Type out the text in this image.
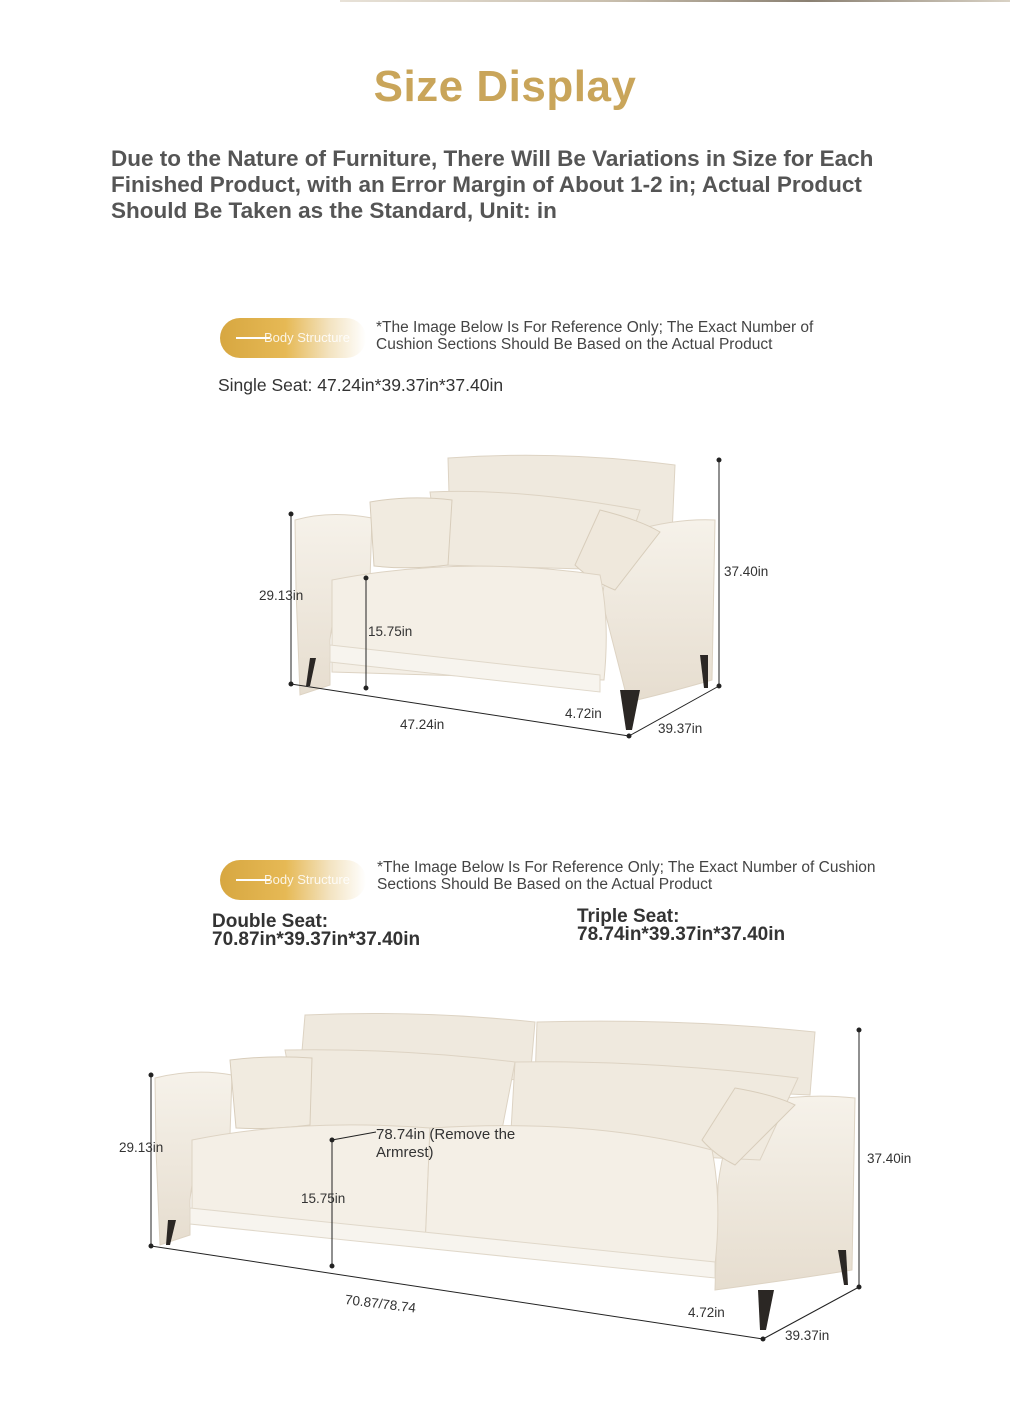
Size Display
Due to the Nature of Furniture, There Will Be Variations in Size for Each Finished Product, with an Error Margin of About 1-2 in; Actual Product Should Be Taken as the Standard, Unit: in
Body Structure
*The Image Below Is For Reference Only; The Exact Number of Cushion Sections Should Be Based on the Actual Product
Single Seat: 47.24in*39.37in*37.40in
37.40in
29.13in
15.75in
47.24in
4.72in
39.37in
Body Structure
*The Image Below Is For Reference Only; The Exact Number of Cushion Sections Should Be Based on the Actual Product
Double Seat:
70.87in*39.37in*37.40in
Triple Seat:
78.74in*39.37in*37.40in
78.74in (Remove the Armrest)	37.40in
29.13in
15.75in
70.87/78.74	4.72in
39.37in
